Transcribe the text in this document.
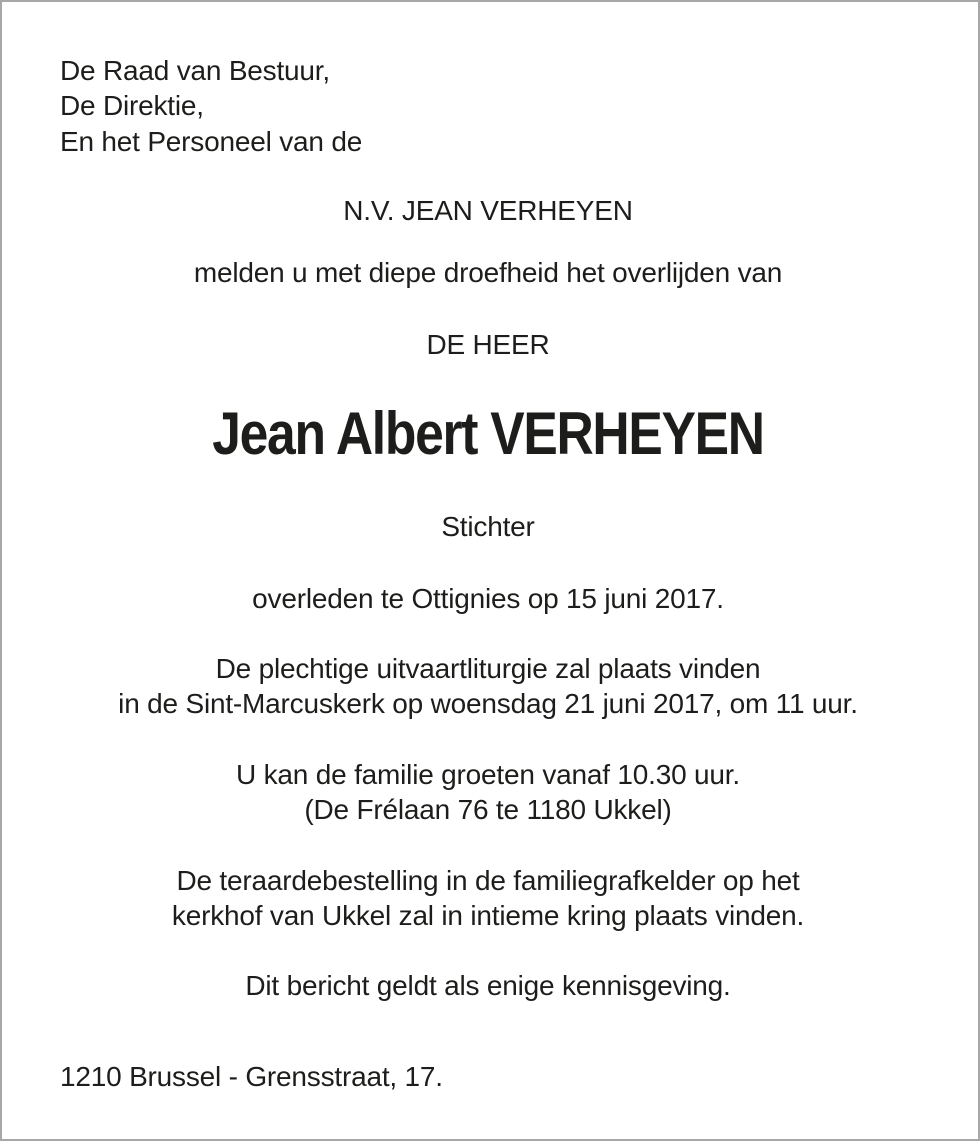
De Raad van Bestuur,
De Direktie,
En het Personeel van de
N.V. JEAN VERHEYEN
melden u met diepe droefheid het overlijden van
DE HEER
Jean Albert VERHEYEN
Stichter
overleden te Ottignies op 15 juni 2017.
De plechtige uitvaartliturgie zal plaats vinden
in de Sint-Marcuskerk op woensdag 21 juni 2017, om 11 uur.
U kan de familie groeten vanaf 10.30 uur.
(De Frélaan 76 te 1180 Ukkel)
De teraardebestelling in de familiegrafkelder op het
kerkhof van Ukkel zal in intieme kring plaats vinden.
Dit bericht geldt als enige kennisgeving.
1210 Brussel - Grensstraat, 17.
